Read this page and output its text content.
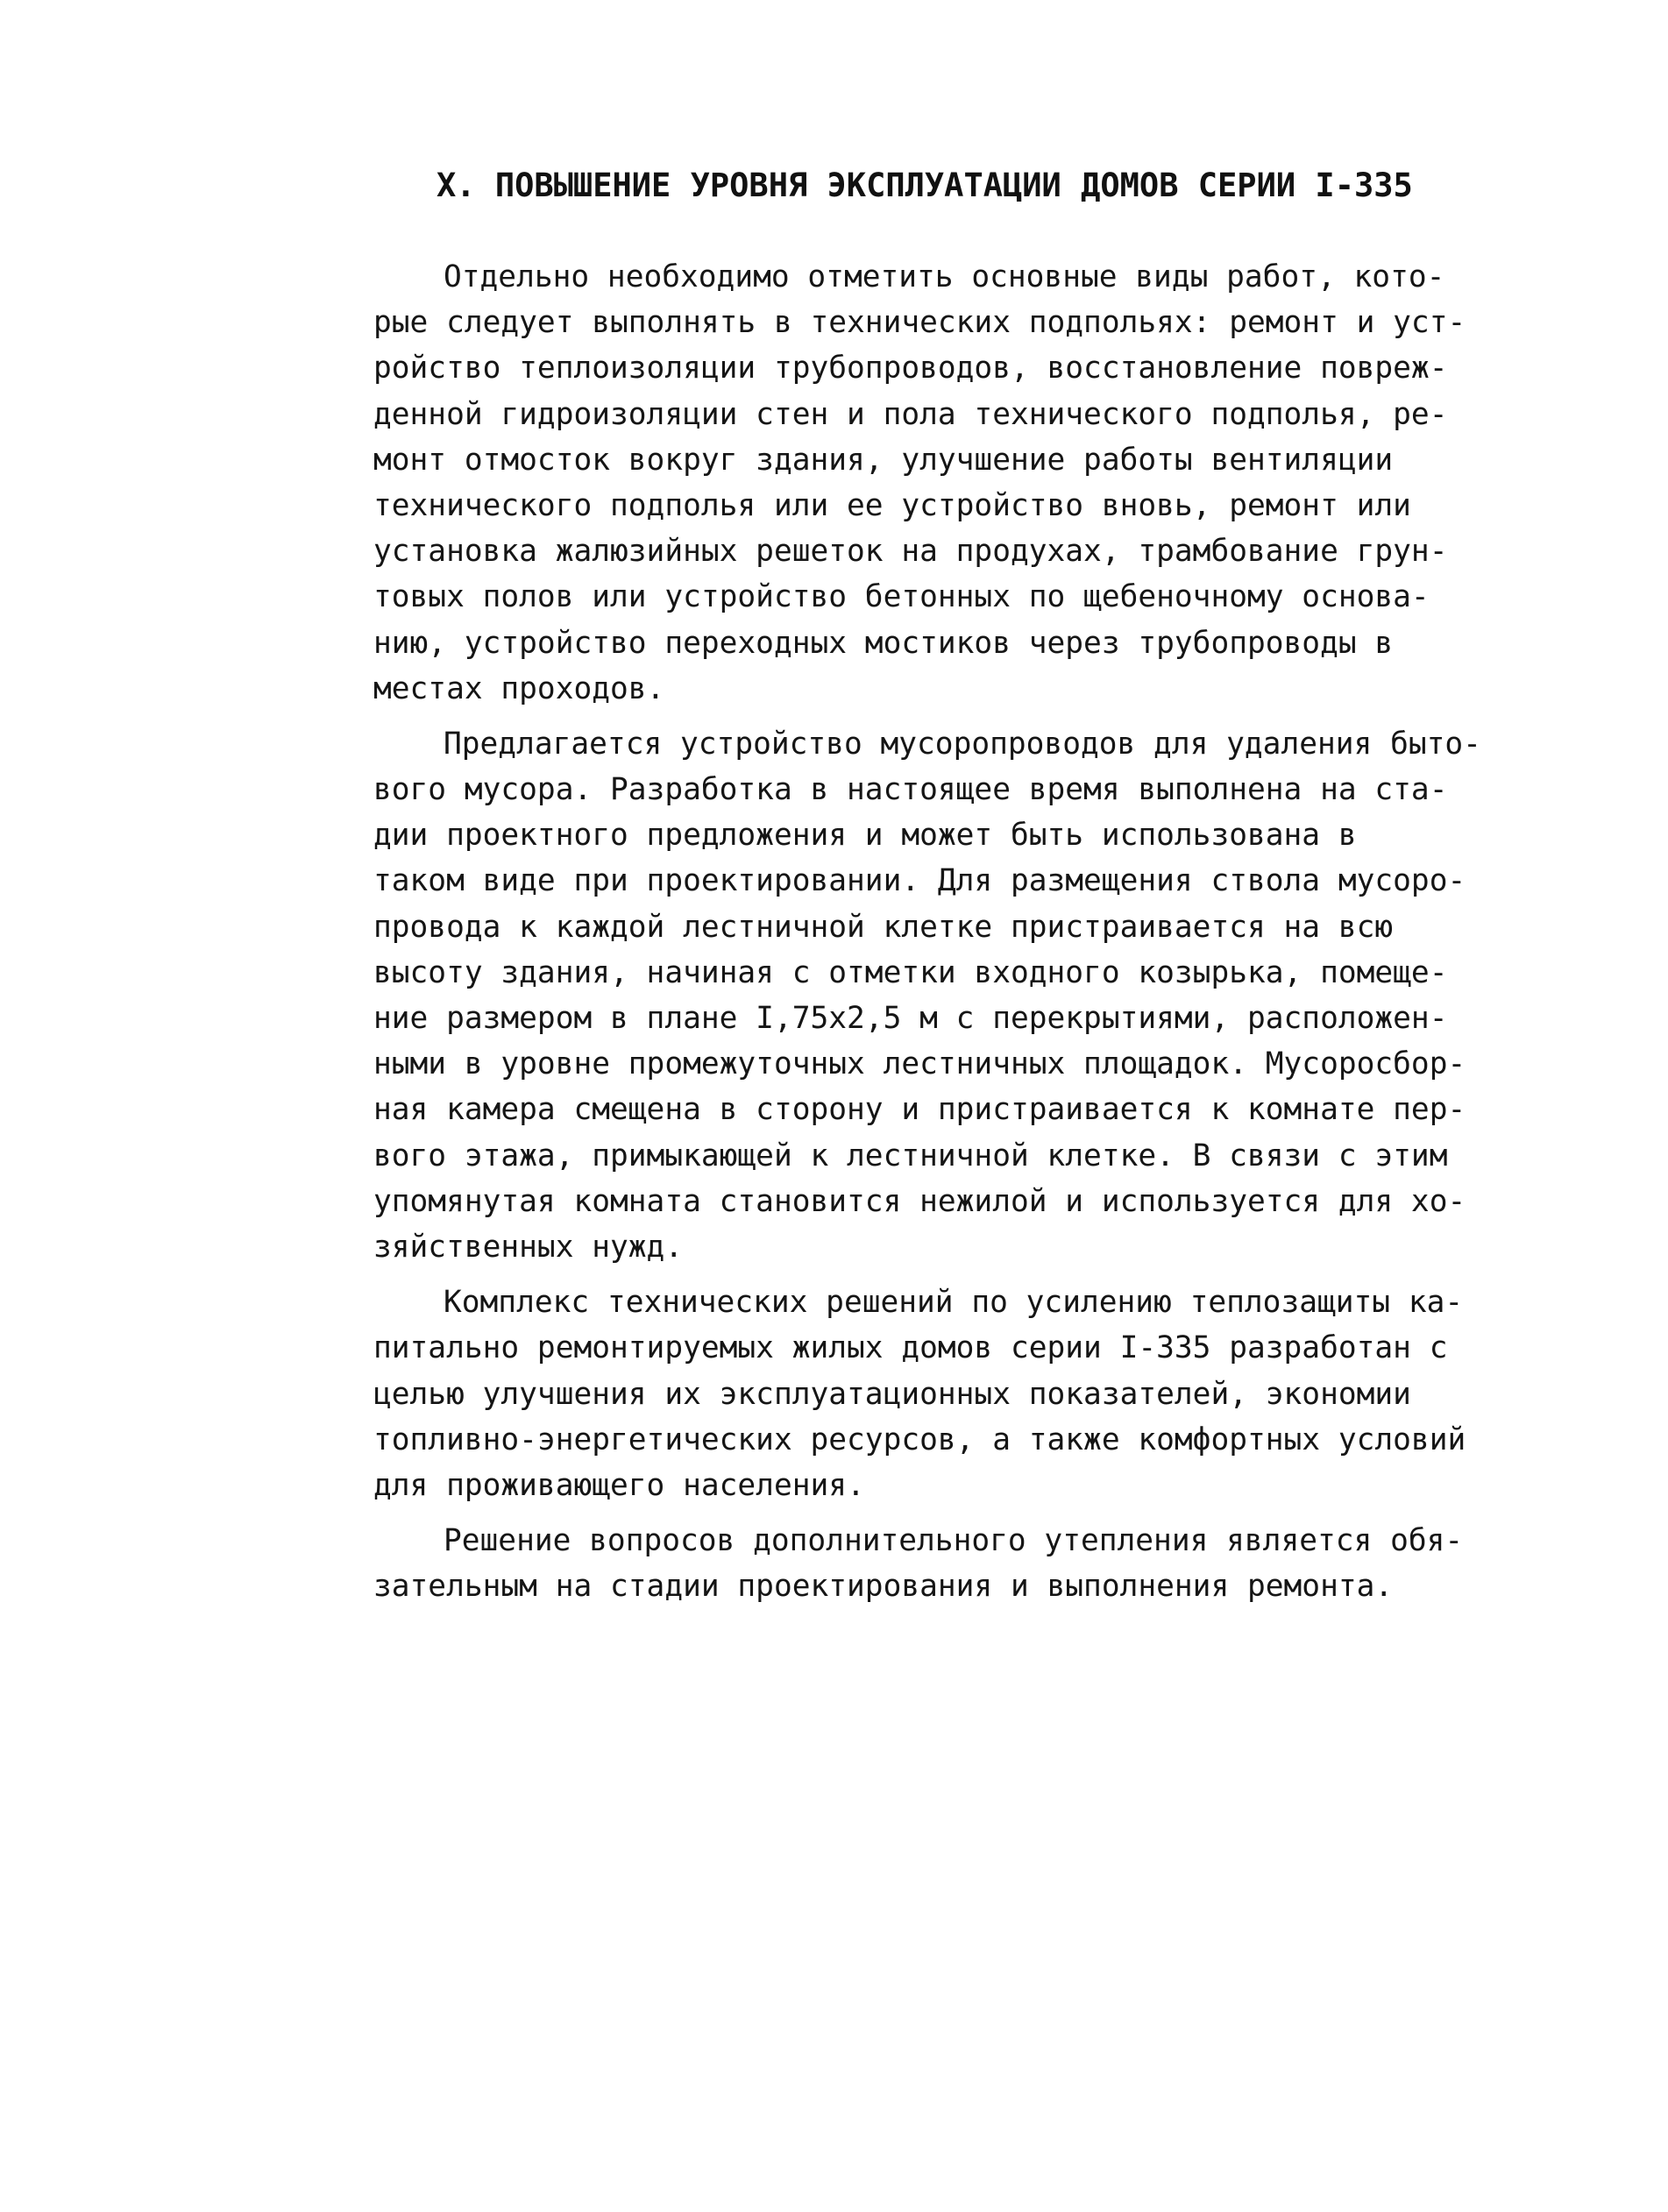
X. ПОВЫШЕНИЕ УРОВНЯ ЭКСПЛУАТАЦИИ ДОМОВ СЕРИИ I-335
Отдельно необходимо отметить основные виды работ, кото-
рые следует выполнять в технических подпольях: ремонт и уст-
ройство теплоизоляции трубопроводов, восстановление повреж-
денной гидроизоляции стен и пола технического подполья, ре-
монт отмосток вокруг здания, улучшение работы вентиляции
технического подполья или ее устройство вновь, ремонт или
установка жалюзийных решеток на продухах, трамбование грун-
товых полов или устройство бетонных по щебеночному основа-
нию, устройство переходных мостиков через трубопроводы в
местах проходов.
Предлагается устройство мусоропроводов для удаления быто-
вого мусора. Разработка в настоящее время выполнена на ста-
дии проектного предложения и может быть использована в
таком виде при проектировании. Для размещения ствола мусоро-
провода к каждой лестничной клетке пристраивается на всю
высоту здания, начиная с отметки входного козырька, помеще-
ние размером в плане I,75х2,5 м с перекрытиями, расположен-
ными в уровне промежуточных лестничных площадок. Мусоросбор-
ная камера смещена в сторону и пристраивается к комнате пер-
вого этажа, примыкающей к лестничной клетке. В связи с этим
упомянутая комната становится нежилой и используется для хо-
зяйственных нужд.
Комплекс технических решений по усилению теплозащиты ка-
питально ремонтируемых жилых домов серии I-335 разработан с
целью улучшения их эксплуатационных показателей, экономии
топливно-энергетических ресурсов, а также комфортных условий
для проживающего населения.
Решение вопросов дополнительного утепления является обя-
зательным на стадии проектирования и выполнения ремонта.
